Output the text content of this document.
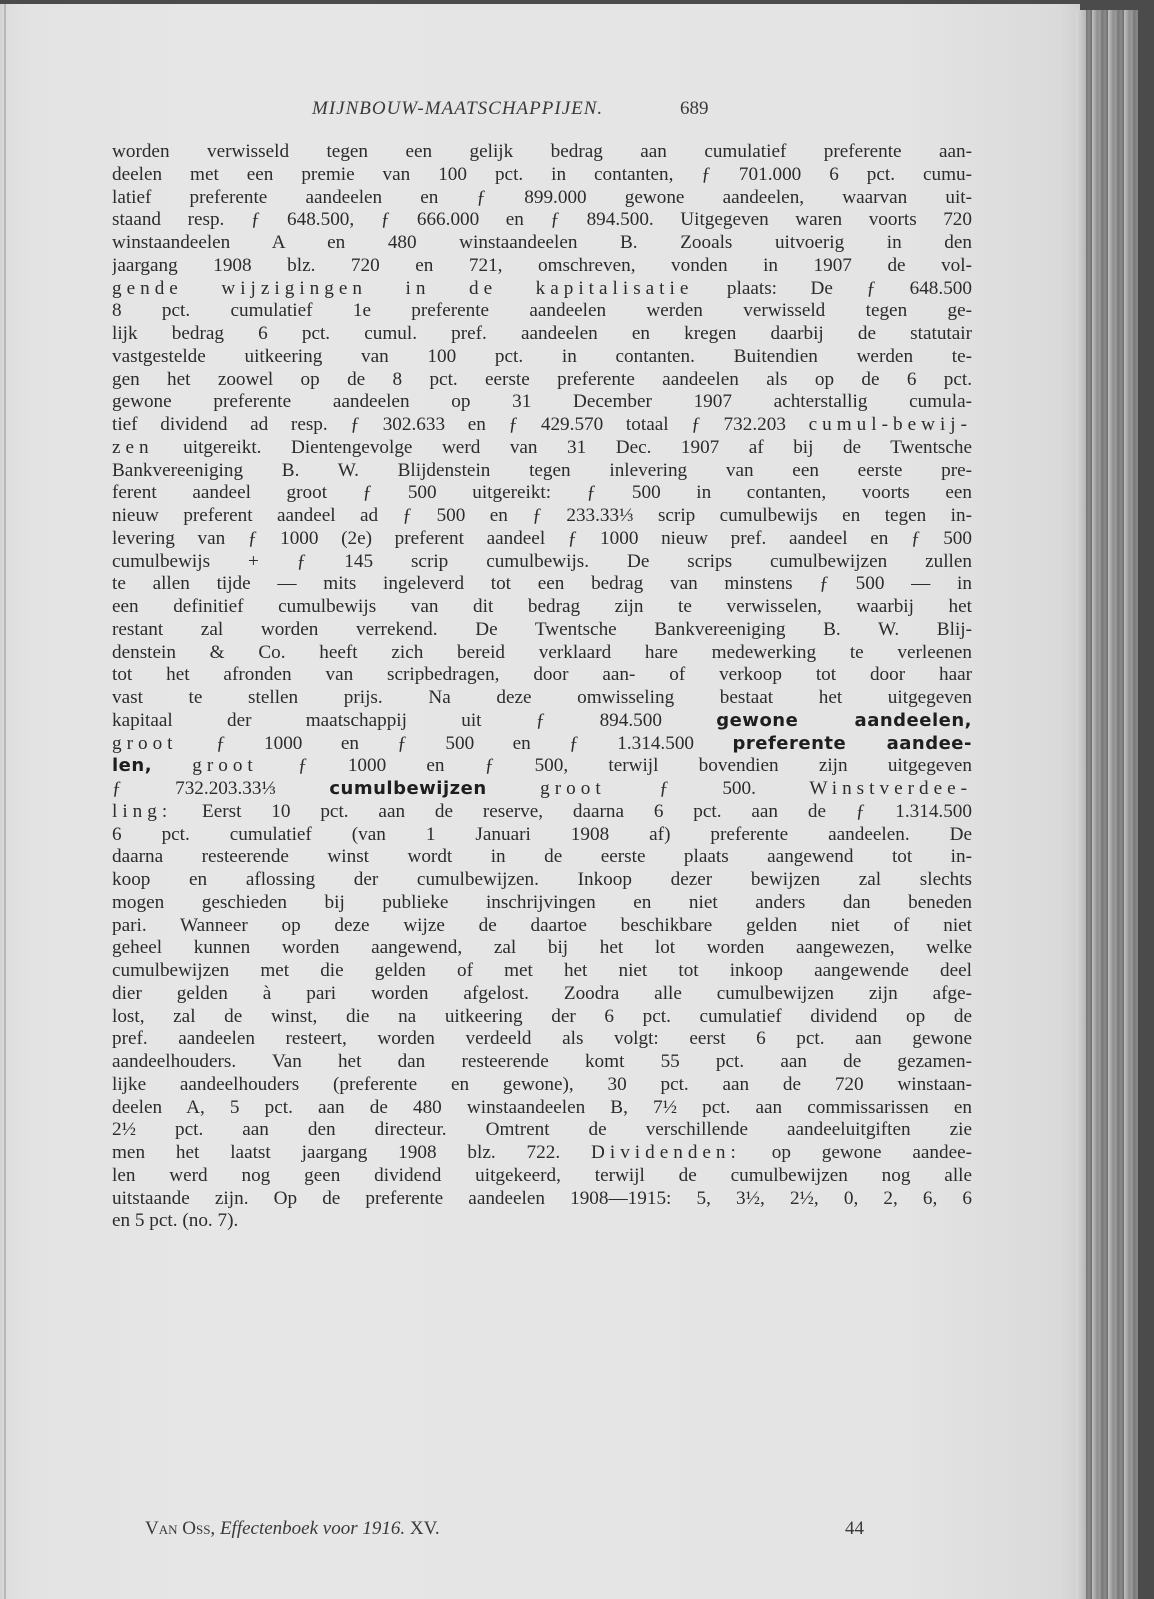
MIJNBOUW-MAATSCHAPPIJEN.	689
worden verwisseld tegen een gelijk bedrag aan cumulatief preferente aan-
deelen met een premie van 100 pct. in contanten, ƒ 701.000 6 pct. cumu-
latief preferente aandeelen en ƒ 899.000 gewone aandeelen, waarvan uit-
staand resp. ƒ 648.500, ƒ 666.000 en ƒ 894.500. Uitgegeven waren voorts 720
winstaandeelen A en 480 winstaandeelen B. Zooals uitvoerig in den
jaargang 1908 blz. 720 en 721, omschreven, vonden in 1907 de vol-
gende wijzigingen in de kapitalisatie plaats: De ƒ 648.500
8 pct. cumulatief 1e preferente aandeelen werden verwisseld tegen ge-
lijk bedrag 6 pct. cumul. pref. aandeelen en kregen daarbij de statutair
vastgestelde uitkeering van 100 pct. in contanten. Buitendien werden te-
gen het zoowel op de 8 pct. eerste preferente aandeelen als op de 6 pct.
gewone preferente aandeelen op 31 December 1907 achterstallig cumula-
tief dividend ad resp. ƒ 302.633 en ƒ 429.570 totaal ƒ 732.203 cumul-bewij-
zen uitgereikt. Dientengevolge werd van 31 Dec. 1907 af bij de Twentsche
Bankvereeniging B. W. Blijdenstein tegen inlevering van een eerste pre-
ferent aandeel groot ƒ 500 uitgereikt: ƒ 500 in contanten, voorts een
nieuw preferent aandeel ad ƒ 500 en ƒ 233.33⅓ scrip cumulbewijs en tegen in-
levering van ƒ 1000 (2e) preferent aandeel ƒ 1000 nieuw pref. aandeel en ƒ 500
cumulbewijs + ƒ 145 scrip cumulbewijs. De scrips cumulbewijzen zullen
te allen tijde — mits ingeleverd tot een bedrag van minstens ƒ 500 — in
een definitief cumulbewijs van dit bedrag zijn te verwisselen, waarbij het
restant zal worden verrekend. De Twentsche Bankvereeniging B. W. Blij-
denstein & Co. heeft zich bereid verklaard hare medewerking te verleenen
tot het afronden van scripbedragen, door aan- of verkoop tot door haar
vast te stellen prijs. Na deze omwisseling bestaat het uitgegeven
kapitaal der maatschappij uit ƒ 894.500 gewone aandeelen,
groot ƒ 1000 en ƒ 500 en ƒ 1.314.500 preferente aandee-
len, groot ƒ 1000 en ƒ 500, terwijl bovendien zijn uitgegeven
ƒ 732.203.33⅓ cumulbewijzen	groot ƒ 500. Winstverdee-
ling: Eerst 10 pct. aan de reserve, daarna 6 pct. aan de ƒ 1.314.500
6 pct. cumulatief (van 1 Januari 1908 af) preferente aandeelen. De
daarna resteerende winst wordt in de eerste plaats aangewend tot in-
koop en aflossing der cumulbewijzen. Inkoop dezer bewijzen zal slechts
mogen geschieden bij publieke inschrijvingen en niet anders dan beneden
pari. Wanneer op deze wijze de daartoe beschikbare gelden niet of niet
geheel kunnen worden aangewend, zal bij het lot worden aangewezen, welke
cumulbewijzen met die gelden of met het niet tot inkoop aangewende deel
dier gelden à pari worden afgelost. Zoodra alle cumulbewijzen zijn afge-
lost, zal de winst, die na uitkeering der 6 pct. cumulatief dividend op de
pref. aandeelen resteert, worden verdeeld als volgt: eerst 6 pct. aan gewone
aandeelhouders. Van het dan resteerende komt 55 pct. aan de gezamen-
lijke aandeelhouders (preferente en gewone), 30 pct. aan de 720 winstaan-
deelen A, 5 pct. aan de 480 winstaandeelen B, 7½ pct. aan commissarissen en
2½ pct. aan den directeur. Omtrent de verschillende aandeeluitgiften zie
men het laatst jaargang 1908 blz. 722. Dividenden: op gewone aandee-
len werd nog geen dividend uitgekeerd, terwijl de cumulbewijzen nog alle
uitstaande zijn. Op de preferente aandeelen 1908—1915: 5, 3½, 2½, 0, 2, 6, 6
en 5 pct. (no. 7).
Van Oss, Effectenboek voor 1916. XV.	44
